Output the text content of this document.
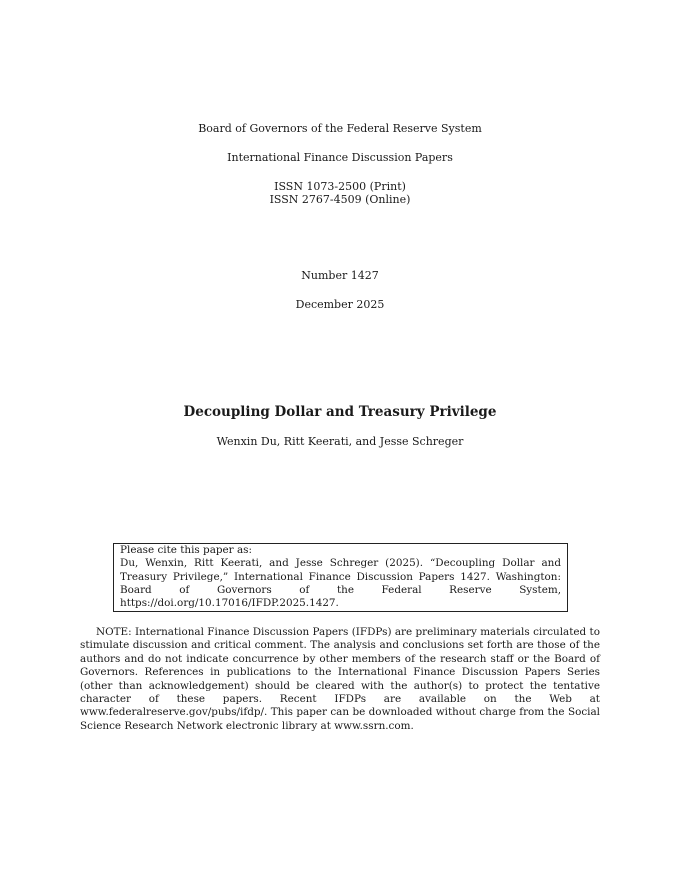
Board of Governors of the Federal Reserve System
International Finance Discussion Papers
ISSN 1073-2500 (Print)
ISSN 2767-4509 (Online)
Number 1427
December 2025
Decoupling Dollar and Treasury Privilege
Wenxin Du, Ritt Keerati, and Jesse Schreger
Please cite this paper as:
Du, Wenxin, Ritt Keerati, and Jesse Schreger (2025). “Decoupling Dollar and Treasury Privilege,” International Finance Discussion Papers 1427. Washington: Board of Governors of the Federal Reserve System, https://doi.org/10.17016/IFDP.2025.1427.

NOTE: International Finance Discussion Papers (IFDPs) are preliminary materials circulated to stimulate discussion and critical comment. The analysis and conclusions set forth are those of the authors and do not indicate concurrence by other members of the research staff or the Board of Governors. References in publications to the International Finance Discussion Papers Series (other than acknowledgement) should be cleared with the author(s) to protect the tentative character of these papers. Recent IFDPs are available on the Web at www.federalreserve.gov/pubs/ifdp/. This paper can be downloaded without charge from the Social Science Research Network electronic library at www.ssrn.com.
